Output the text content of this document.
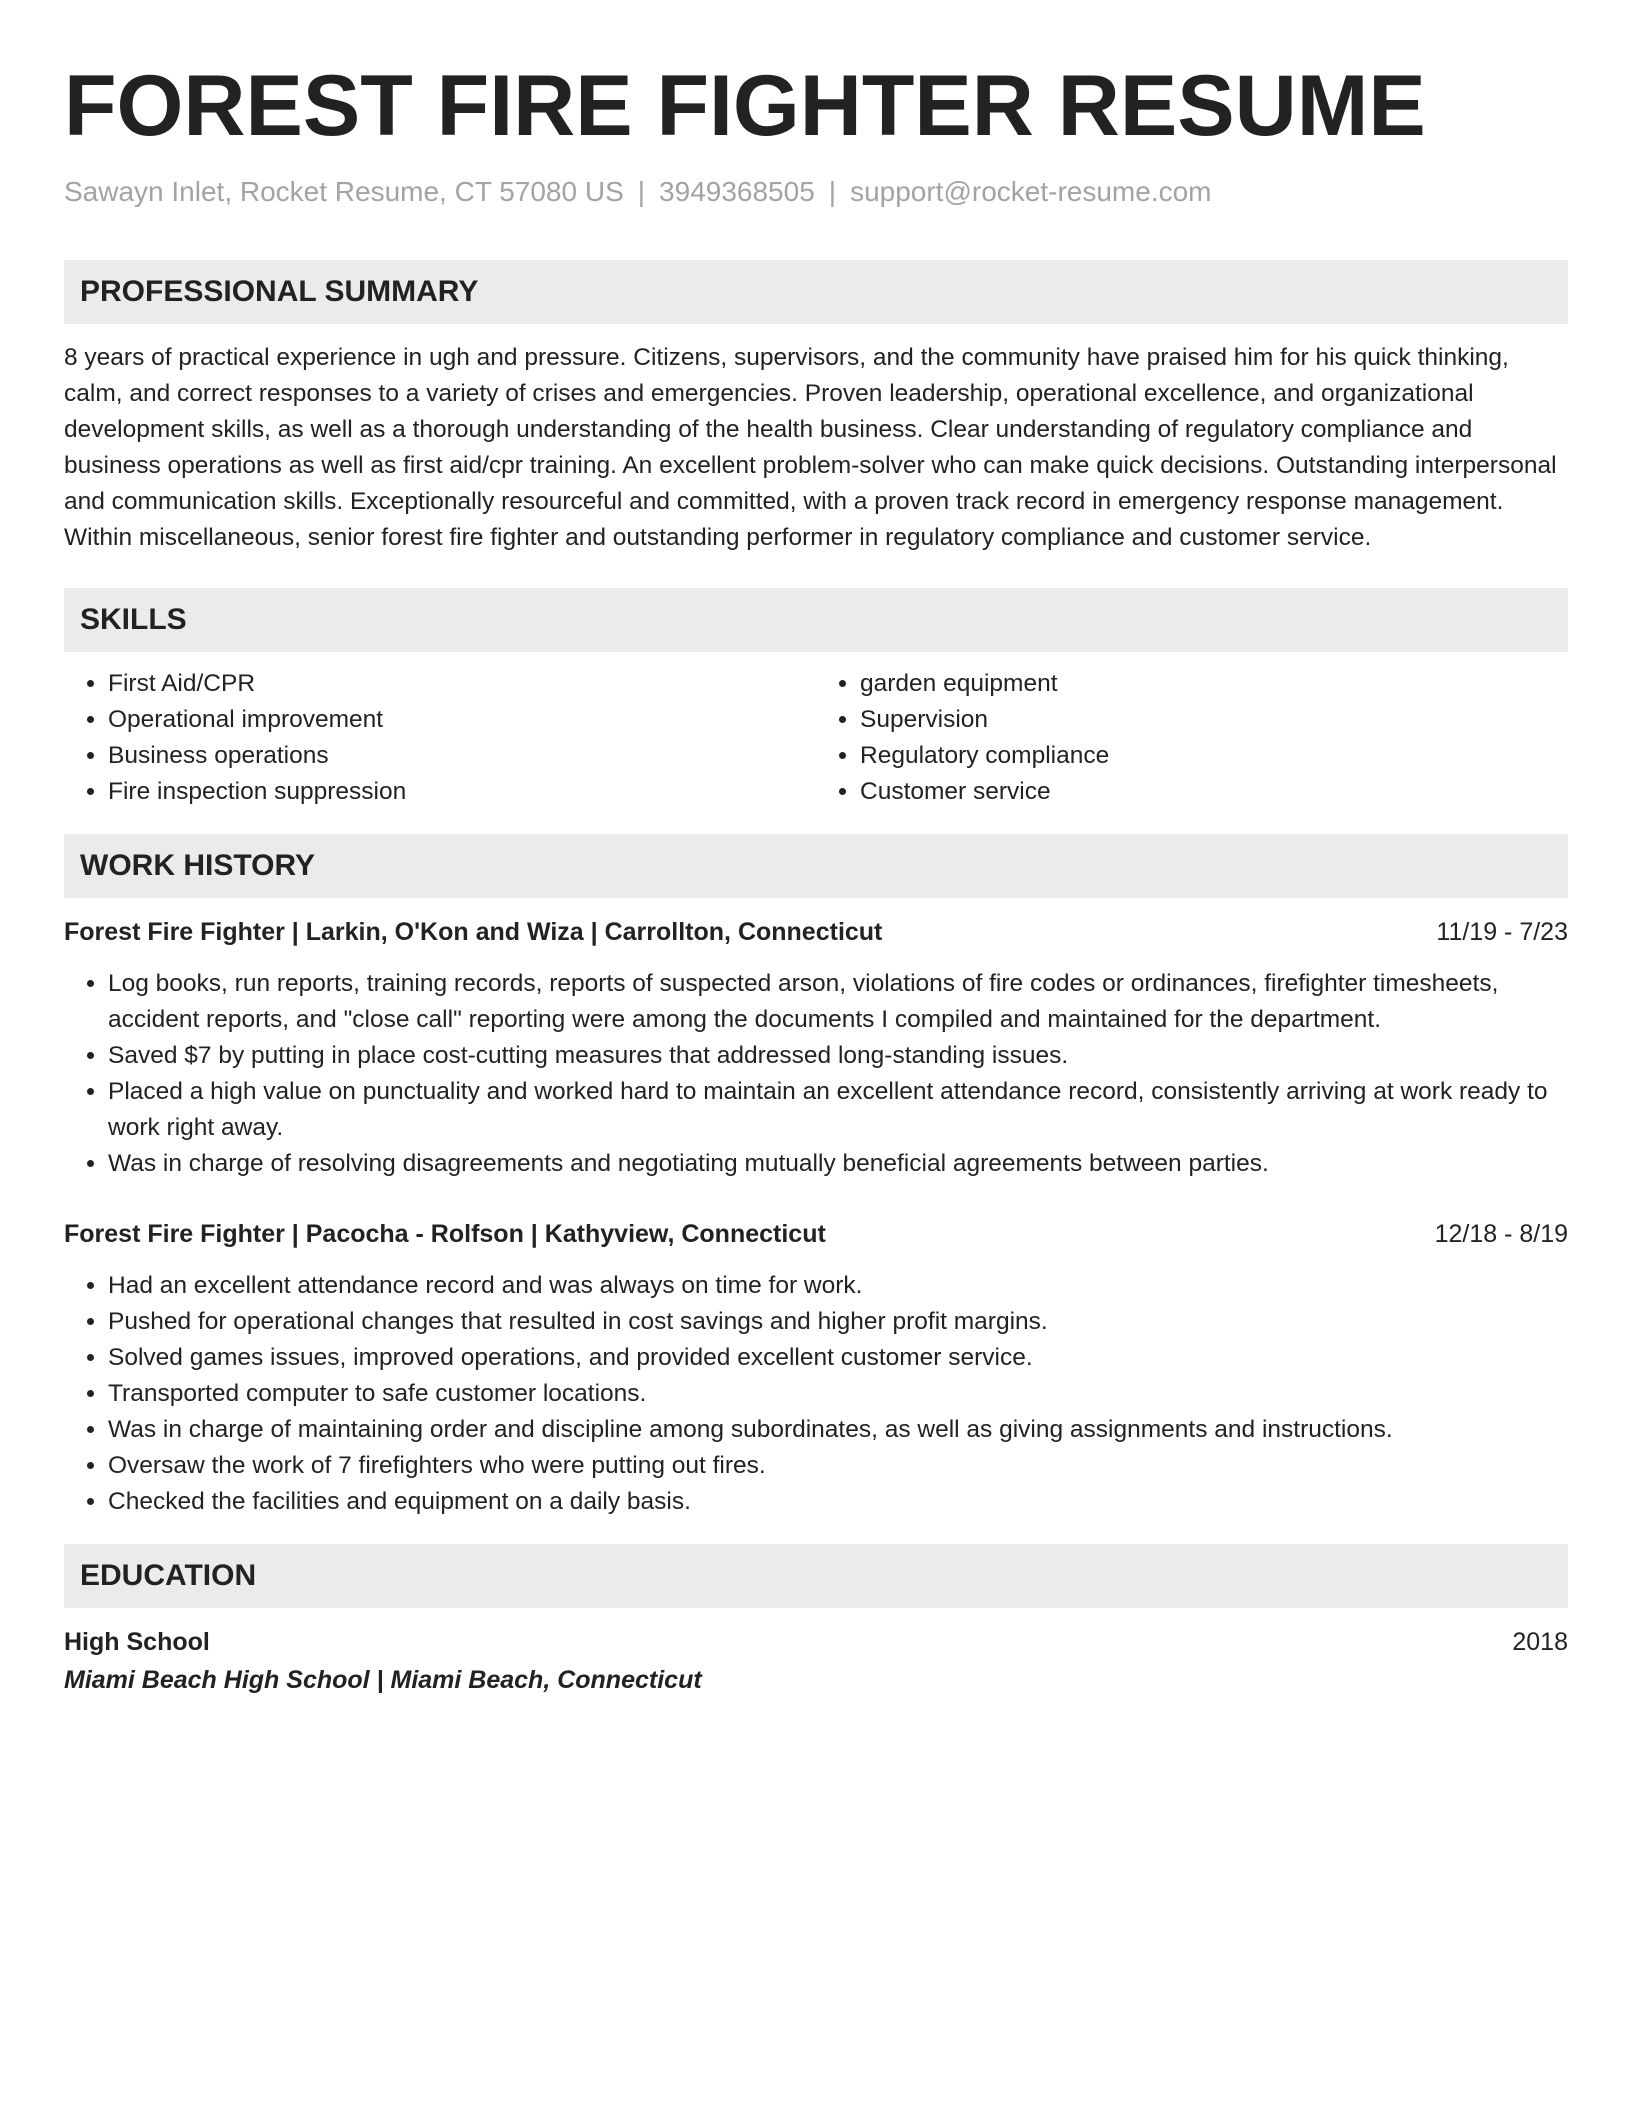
FOREST FIRE FIGHTER RESUME
Sawayn Inlet, Rocket Resume, CT 57080 US | 3949368505 | support@rocket-resume.com
PROFESSIONAL SUMMARY

8 years of practical experience in ugh and pressure. Citizens, supervisors, and the community have praised him for his quick thinking, calm, and correct responses to a variety of crises and emergencies. Proven leadership, operational excellence, and organizational development skills, as well as a thorough understanding of the health business. Clear understanding of regulatory compliance and business operations as well as first aid/cpr training. An excellent problem-solver who can make quick decisions. Outstanding interpersonal and communication skills. Exceptionally resourceful and committed, with a proven track record in emergency response management. Within miscellaneous, senior forest fire fighter and outstanding performer in regulatory compliance and customer service.

SKILLS
• First Aid/CPR
• Operational improvement
• Business operations
• Fire inspection suppression
• garden equipment
• Supervision
• Regulatory compliance
• Customer service
WORK HISTORY
Forest Fire Fighter | Larkin, O'Kon and Wiza | Carrollton, Connecticut	11/19 - 7/23
• Log books, run reports, training records, reports of suspected arson, violations of fire codes or ordinances, firefighter timesheets, accident reports, and "close call" reporting were among the documents I compiled and maintained for the department.
• Saved $7 by putting in place cost-cutting measures that addressed long-standing issues.
• Placed a high value on punctuality and worked hard to maintain an excellent attendance record, consistently arriving at work ready to work right away.
• Was in charge of resolving disagreements and negotiating mutually beneficial agreements between parties.
Forest Fire Fighter | Pacocha - Rolfson | Kathyview, Connecticut	12/18 - 8/19
• Had an excellent attendance record and was always on time for work.
• Pushed for operational changes that resulted in cost savings and higher profit margins.
• Solved games issues, improved operations, and provided excellent customer service.
• Transported computer to safe customer locations.
• Was in charge of maintaining order and discipline among subordinates, as well as giving assignments and instructions.
• Oversaw the work of 7 firefighters who were putting out fires.
• Checked the facilities and equipment on a daily basis.
EDUCATION
High School	2018
Miami Beach High School | Miami Beach, Connecticut
